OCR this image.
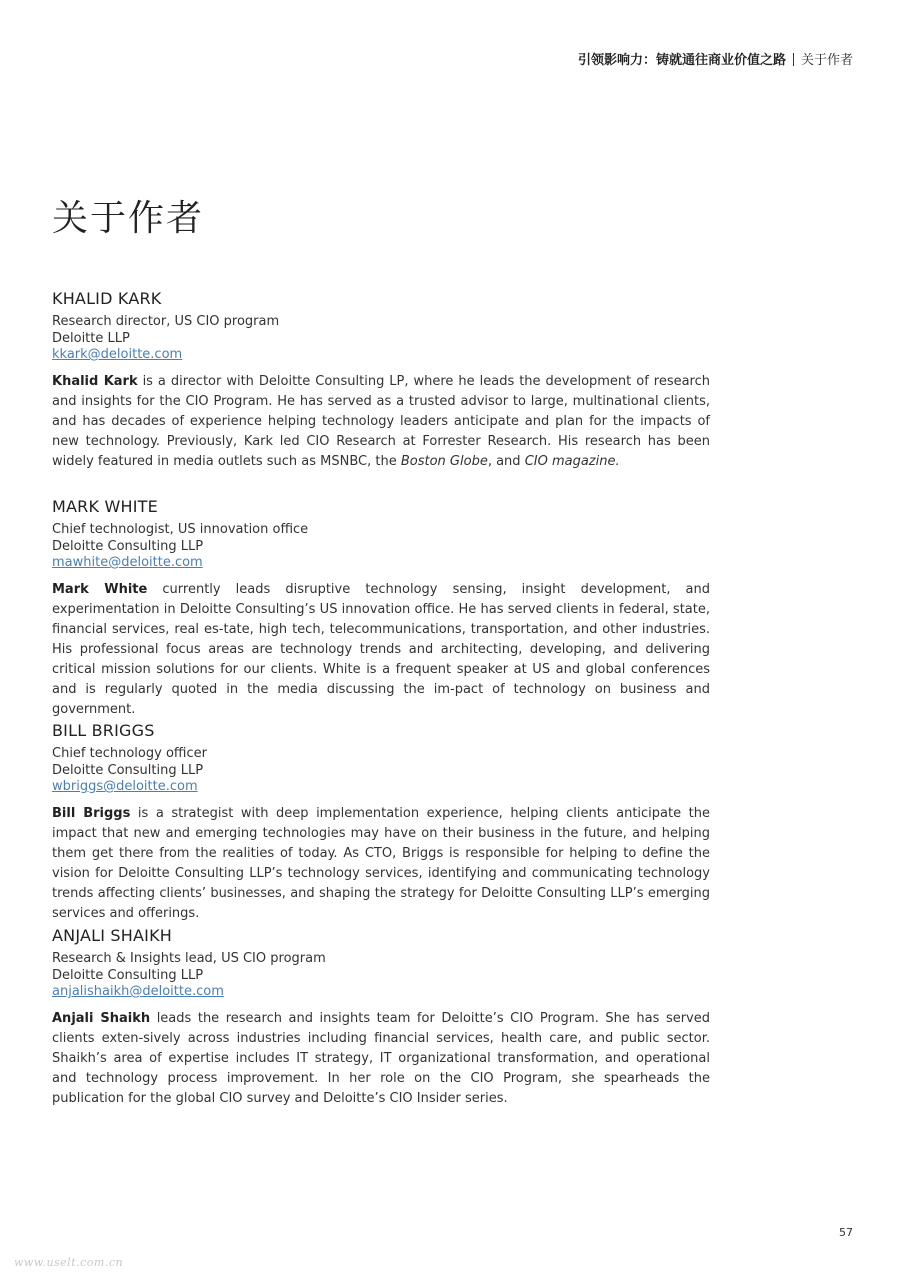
引领影响力：铸就通往商业价值之路 关于作者
关于作者
KHALID KARK
Research director, US CIO program
Deloitte LLP
kkark@deloitte.com
Khalid Kark is a director with Deloitte Consulting LP, where he leads the development of research and insights for the CIO Program. He has served as a trusted advisor to large, multinational clients, and has decades of experience helping technology leaders anticipate and plan for the impacts of new technology. Previously, Kark led CIO Research at Forrester Research. His research has been widely featured in media outlets such as MSNBC, the Boston Globe, and CIO magazine.
MARK WHITE
Chief technologist, US innovation office
Deloitte Consulting LLP
mawhite@deloitte.com
Mark White currently leads disruptive technology sensing, insight development, and experimentation in Deloitte Consulting’s US innovation office. He has served clients in federal, state, financial services, real es-tate, high tech, telecommunications, transportation, and other industries. His professional focus areas are technology trends and architecting, developing, and delivering critical mission solutions for our clients. White is a frequent speaker at US and global conferences and is regularly quoted in the media discussing the im-pact of technology on business and government.
BILL BRIGGS
Chief technology officer
Deloitte Consulting LLP
wbriggs@deloitte.com
Bill Briggs is a strategist with deep implementation experience, helping clients anticipate the impact that new and emerging technologies may have on their business in the future, and helping them get there from the realities of today. As CTO, Briggs is responsible for helping to define the vision for Deloitte Consulting LLP’s technology services, identifying and communicating technology trends affecting clients’ businesses, and shaping the strategy for Deloitte Consulting LLP’s emerging services and offerings.
ANJALI SHAIKH
Research & Insights lead, US CIO program
Deloitte Consulting LLP
anjalishaikh@deloitte.com
Anjali Shaikh leads the research and insights team for Deloitte’s CIO Program. She has served clients exten-sively across industries including financial services, health care, and public sector. Shaikh’s area of expertise includes IT strategy, IT organizational transformation, and operational and technology process improvement. In her role on the CIO Program, she spearheads the publication for the global CIO survey and Deloitte’s CIO Insider series.
57
www.uselt.com.cn
